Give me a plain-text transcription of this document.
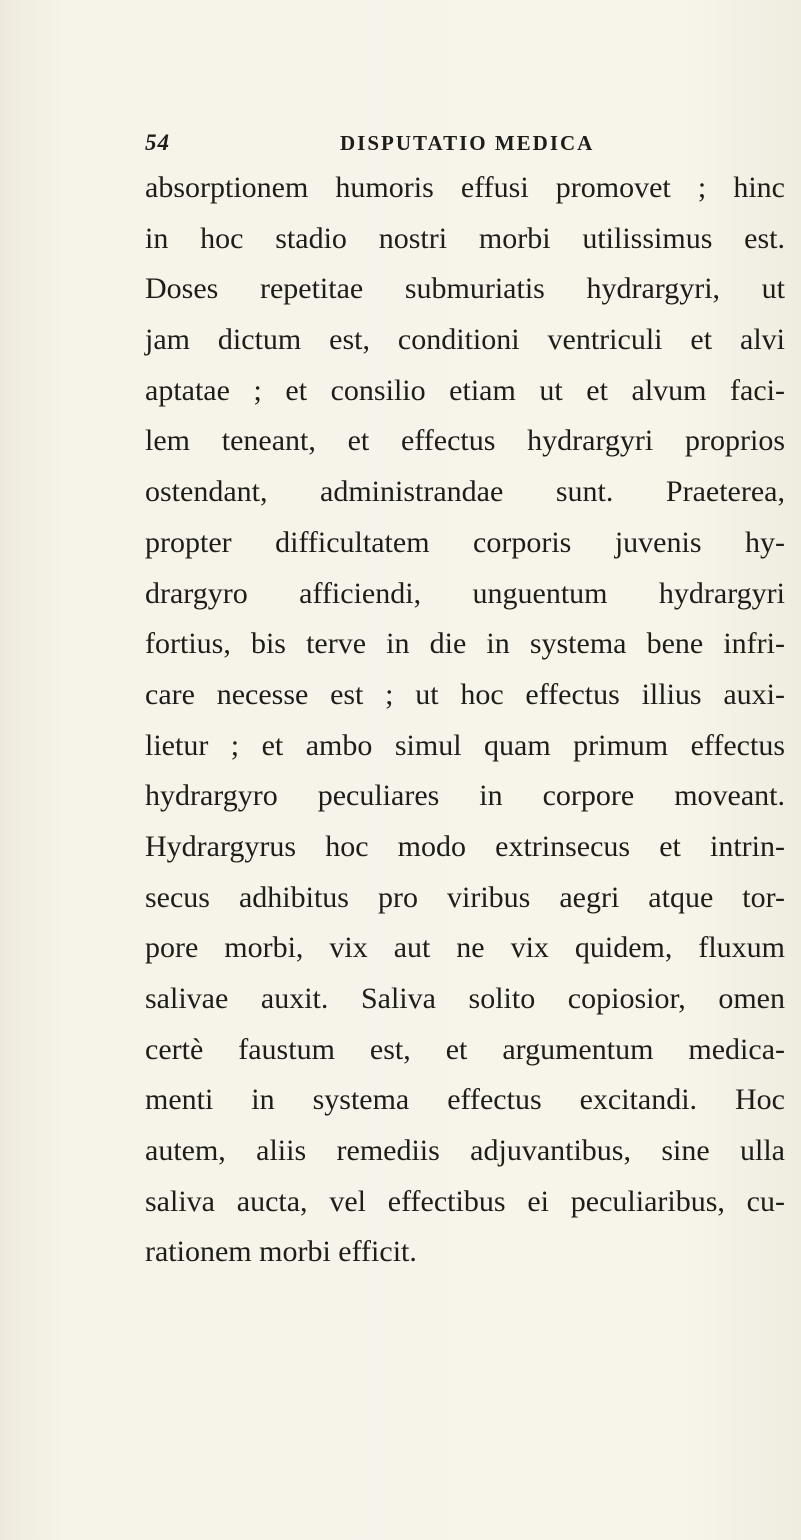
54	DISPUTATIO MEDICA
absorptionem humoris effusi promovet ; hinc
in hoc stadio nostri morbi utilissimus est.
Doses repetitae submuriatis hydrargyri, ut
jam dictum est, conditioni ventriculi et alvi
aptatae ; et consilio etiam ut et alvum faci-
lem teneant, et effectus hydrargyri proprios
ostendant, administrandae sunt. Praeterea,
propter difficultatem corporis juvenis hy-
drargyro afficiendi, unguentum hydrargyri
fortius, bis terve in die in systema bene infri-
care necesse est ; ut hoc effectus illius auxi-
lietur ; et ambo simul quam primum effectus
hydrargyro peculiares in corpore moveant.
Hydrargyrus hoc modo extrinsecus et intrin-
secus adhibitus pro viribus aegri atque tor-
pore morbi, vix aut ne vix quidem, fluxum
salivae auxit. Saliva solito copiosior, omen
certè faustum est, et argumentum medica-
menti in systema effectus excitandi. Hoc
autem, aliis remediis adjuvantibus, sine ulla
saliva aucta, vel effectibus ei peculiaribus, cu-
rationem morbi efficit.
